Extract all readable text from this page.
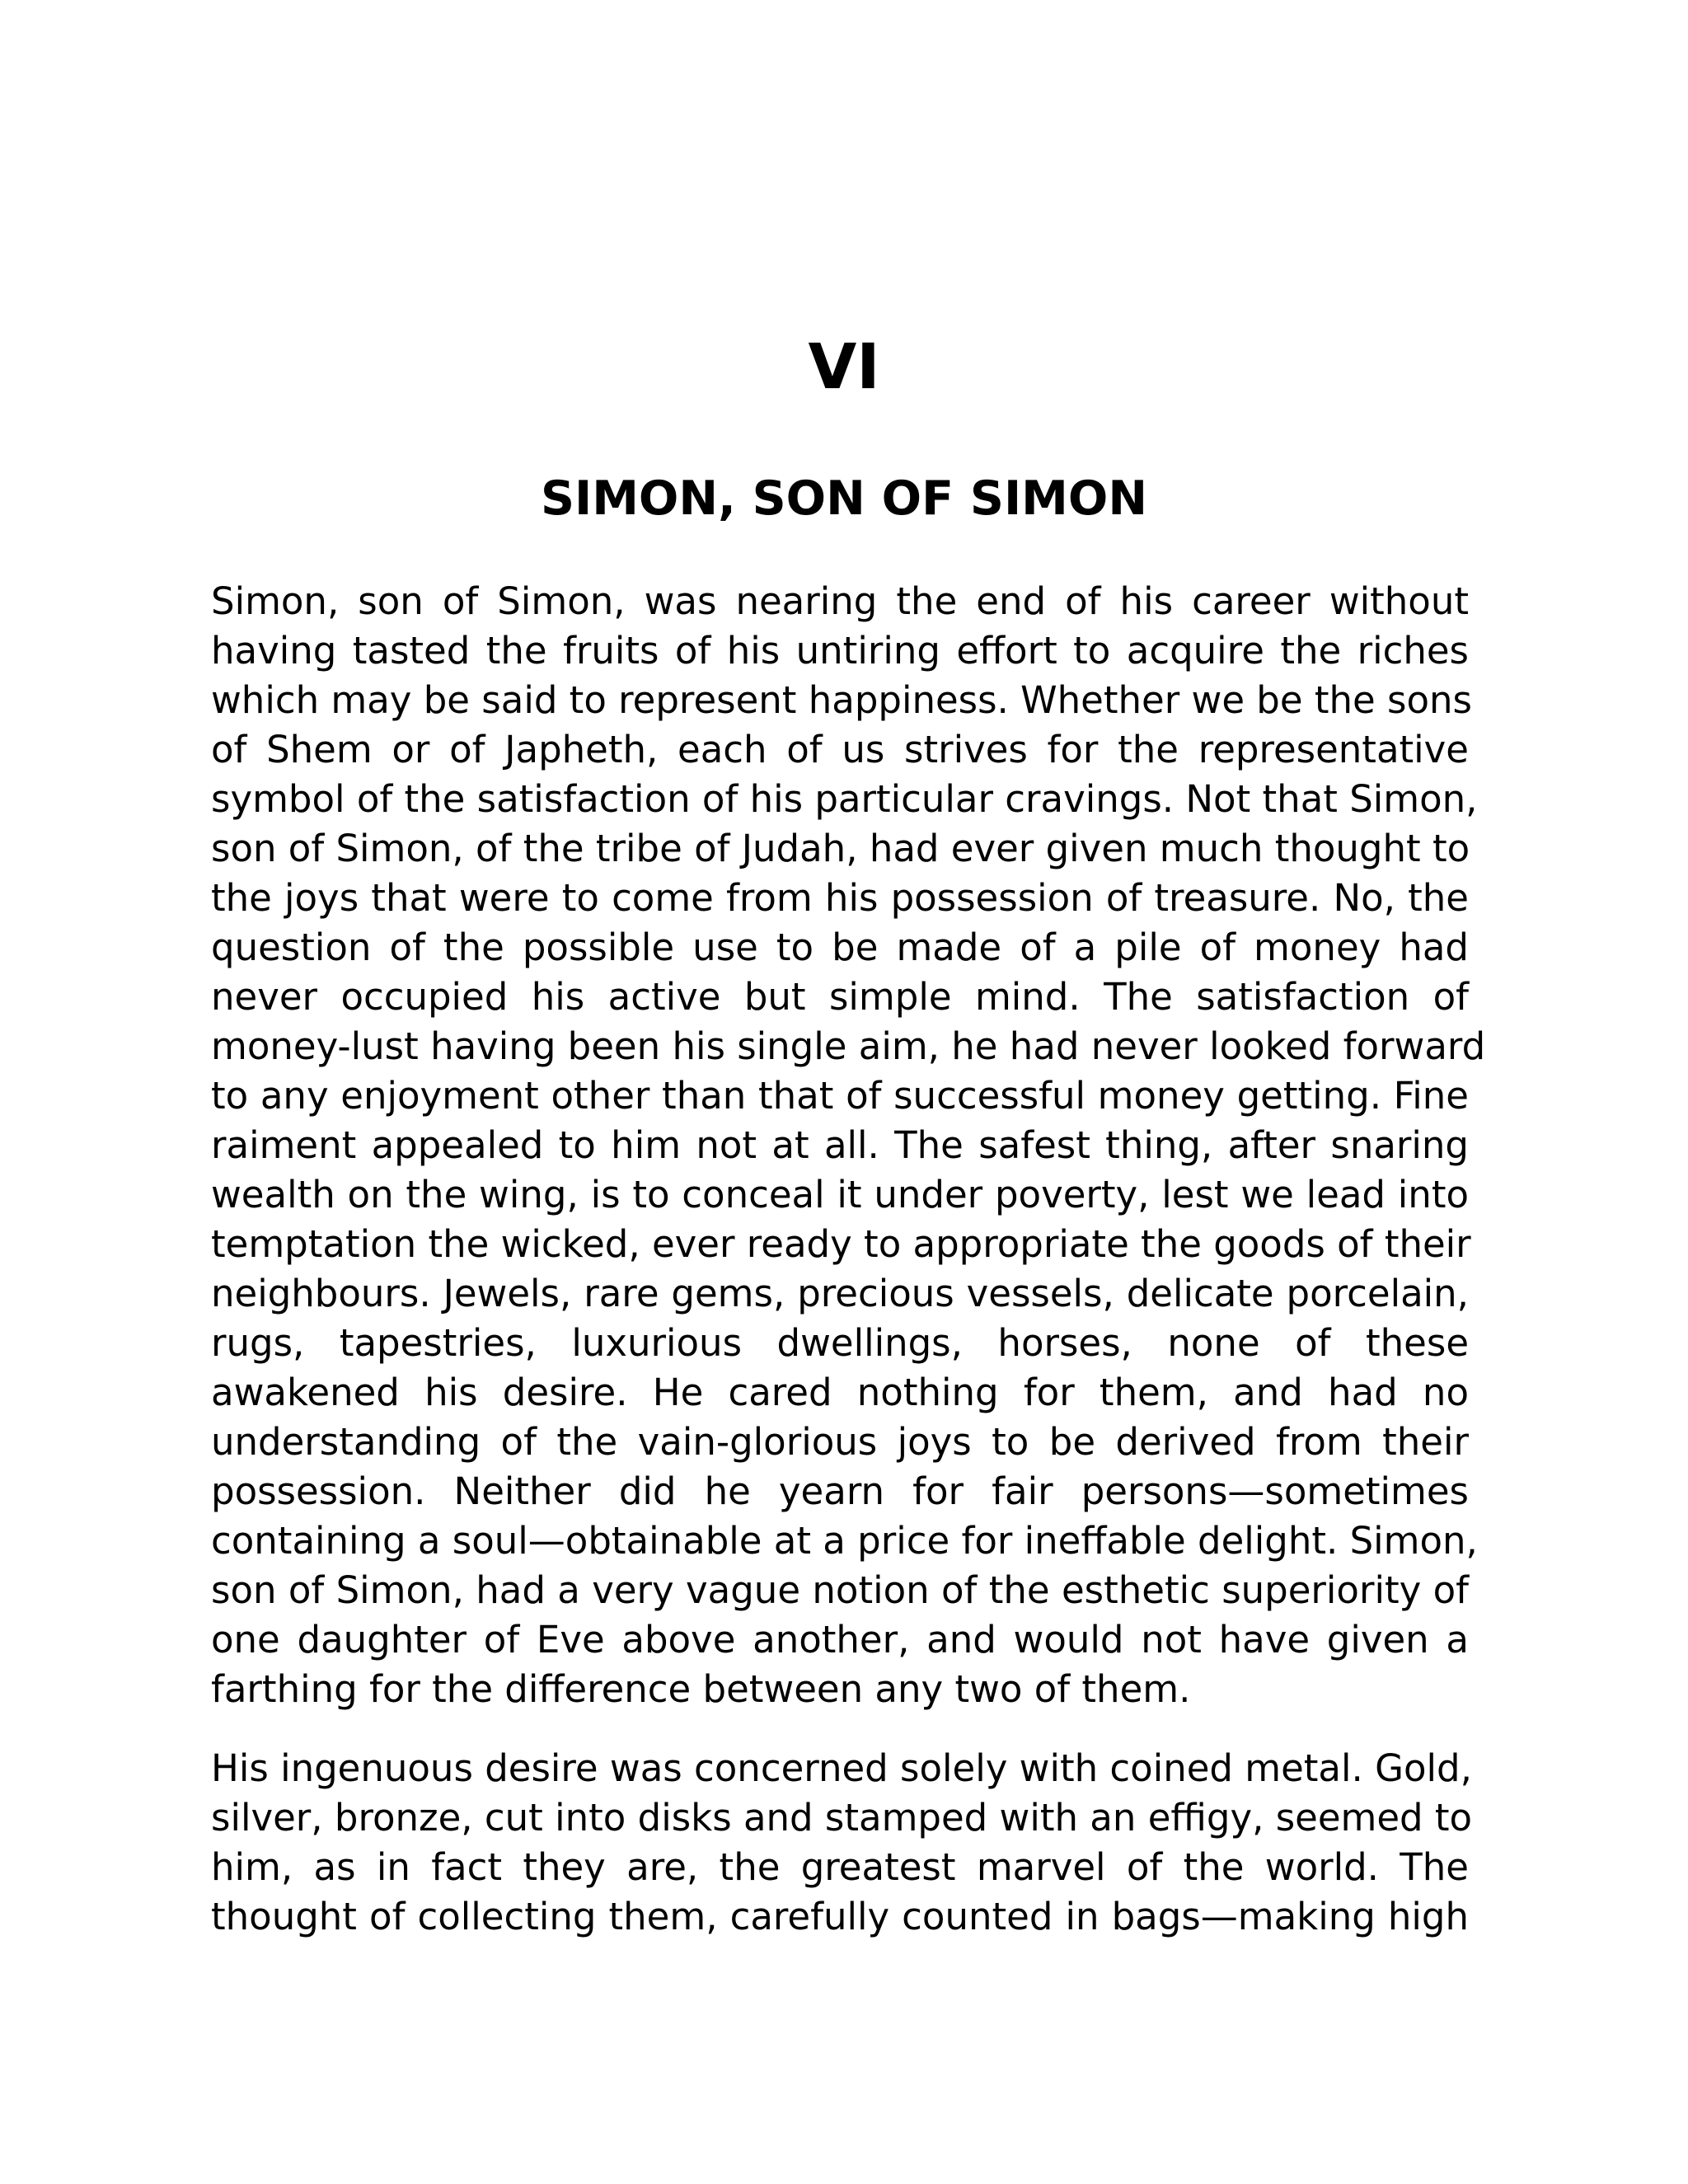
VI
SIMON, SON OF SIMON
Simon, son of Simon, was nearing the end of his career without
having tasted the fruits of his untiring effort to acquire the riches
which may be said to represent happiness. Whether we be the sons
of Shem or of Japheth, each of us strives for the representative
symbol of the satisfaction of his particular cravings. Not that Simon,
son of Simon, of the tribe of Judah, had ever given much thought to
the joys that were to come from his possession of treasure. No, the
question of the possible use to be made of a pile of money had
never occupied his active but simple mind. The satisfaction of
money-lust having been his single aim, he had never looked forward
to any enjoyment other than that of successful money getting. Fine
raiment appealed to him not at all. The safest thing, after snaring
wealth on the wing, is to conceal it under poverty, lest we lead into
temptation the wicked, ever ready to appropriate the goods of their
neighbours. Jewels, rare gems, precious vessels, delicate porcelain,
rugs, tapestries, luxurious dwellings, horses, none of these
awakened his desire. He cared nothing for them, and had no
understanding of the vain-glorious joys to be derived from their
possession. Neither did he yearn for fair persons—sometimes
containing a soul—obtainable at a price for ineffable delight. Simon,
son of Simon, had a very vague notion of the esthetic superiority of
one daughter of Eve above another, and would not have given a
farthing for the difference between any two of them.
His ingenuous desire was concerned solely with coined metal. Gold,
silver, bronze, cut into disks and stamped with an effigy, seemed to
him, as in fact they are, the greatest marvel of the world. The
thought of collecting them, carefully counted in bags—making high
